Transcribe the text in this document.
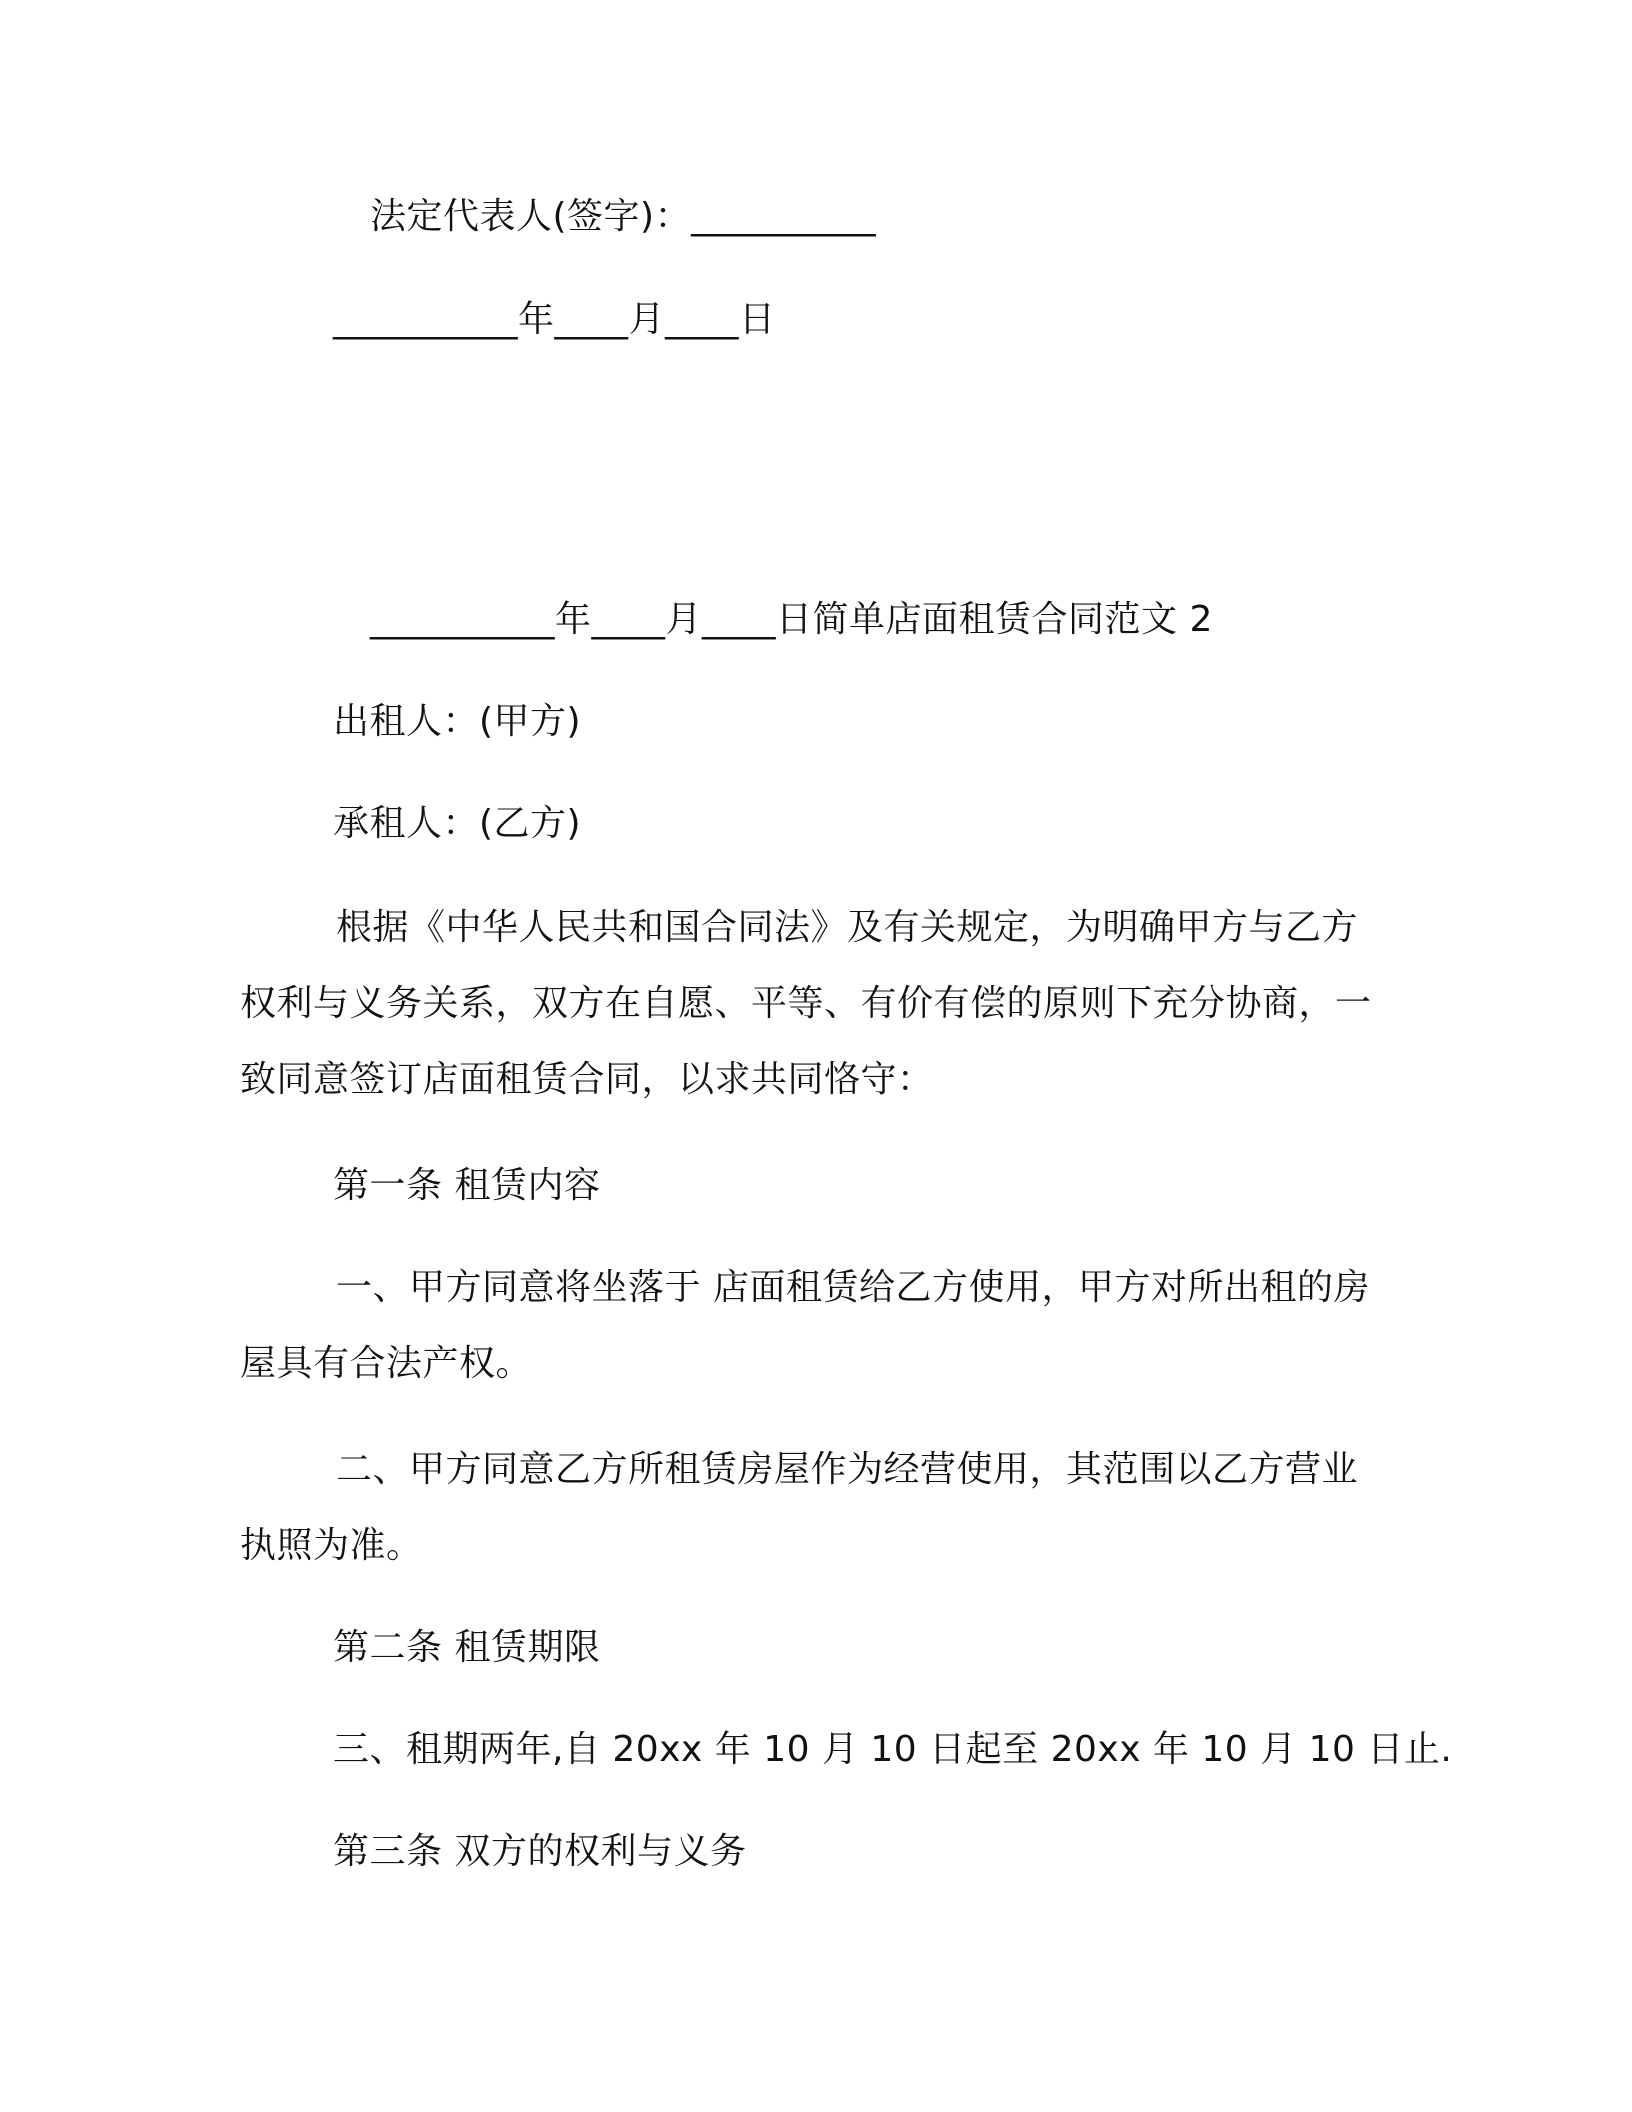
法定代表人(签字)：__________
__________年____月____日
__________年____月____日简单店面租赁合同范文 2
出租人：(甲方)
承租人：(乙方)
根据《中华人民共和国合同法》及有关规定，为明确甲方与乙方权利与义务关系，双方在自愿、平等、有价有偿的原则下充分协商，一致同意签订店面租赁合同，以求共同恪守：
第一条 租赁内容
一、甲方同意将坐落于 店面租赁给乙方使用，甲方对所出租的房屋具有合法产权。
二、甲方同意乙方所租赁房屋作为经营使用，其范围以乙方营业执照为准。
第二条 租赁期限
三、租期两年,自 20xx 年 10 月 10 日起至 20xx 年 10 月 10 日止.
第三条 双方的权利与义务
